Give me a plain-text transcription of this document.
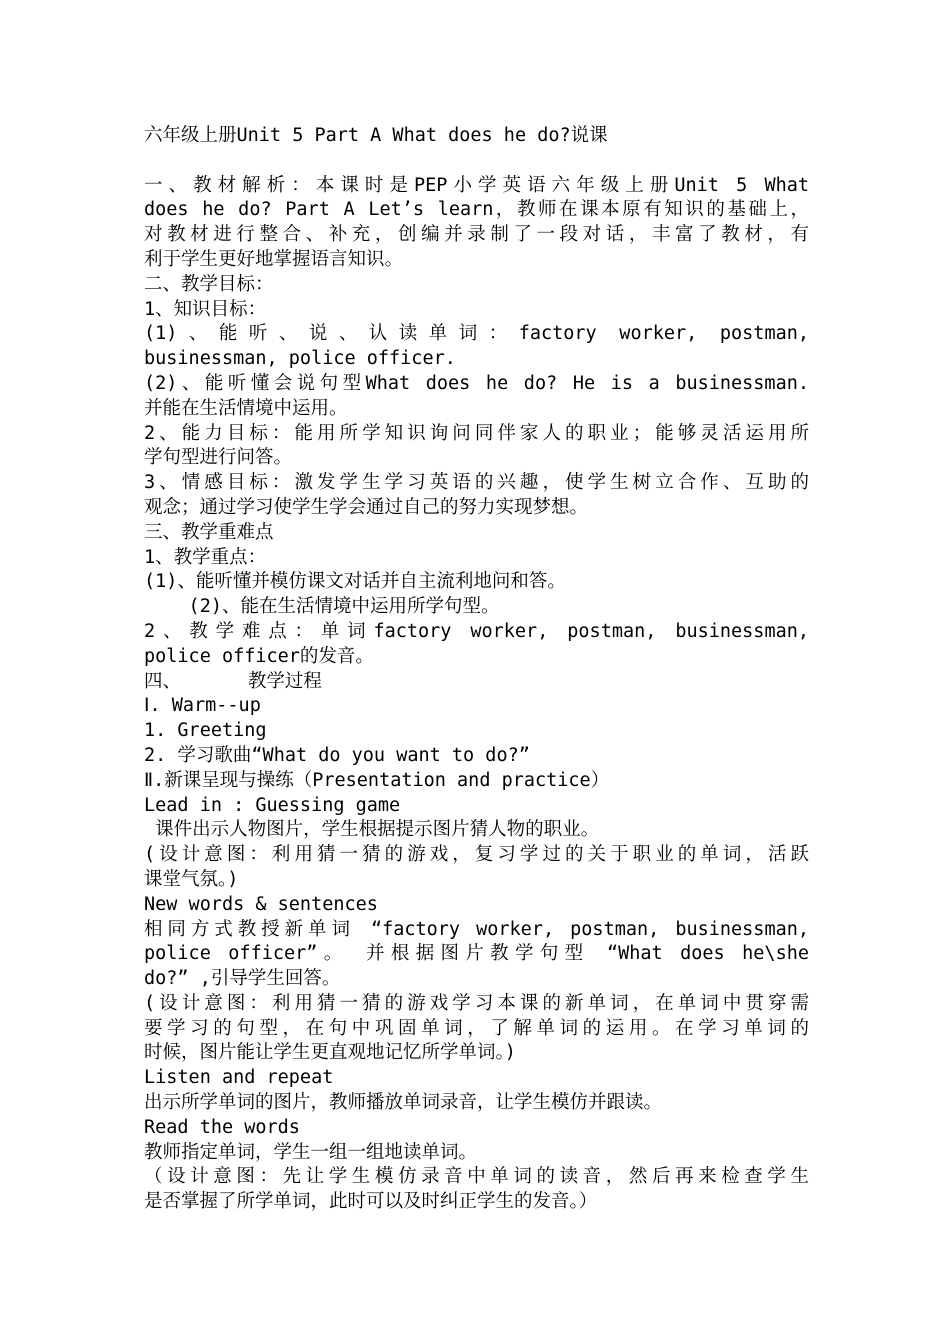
六年级上册Unit 5 Part A What does he do?说课
一、教材解析：本课时是PEP小学英语六年级上册Unit 5 What
does he do? Part A Let’s learn，教师在课本原有知识的基础上，
对教材进行整合、补充，创编并录制了一段对话，丰富了教材，有
利于学生更好地掌握语言知识。
二、教学目标：
1、知识目标：
(1)、能听、说、认读单词：factory worker, postman,
businessman, police officer.
(2)、能听懂会说句型What does he do? He is a businessman.
并能在生活情境中运用。
2、能力目标：能用所学知识询问同伴家人的职业；能够灵活运用所
学句型进行问答。
3、情感目标：激发学生学习英语的兴趣，使学生树立合作、互助的
观念；通过学习使学生学会通过自己的努力实现梦想。
三、教学重难点
1、教学重点：
(1)、能听懂并模仿课文对话并自主流利地问和答。
(2)、能在生活情境中运用所学句型。
2、教学难点：单词factory worker, postman, businessman,
police officer的发音。
四、      教学过程
Ⅰ. Warm--up
1. Greeting
2. 学习歌曲“What do you want to do?”
Ⅱ.新课呈现与操练（Presentation and practice）
Lead in : Guessing game
课件出示人物图片，学生根据提示图片猜人物的职业。
(设计意图：利用猜一猜的游戏，复习学过的关于职业的单词，活跃
课堂气氛。)
New words & sentences
相同方式教授新单词 “factory worker, postman, businessman,
police officer”。 并根据图片教学句型 “What does he\she
do?” ,引导学生回答。
(设计意图：利用猜一猜的游戏学习本课的新单词，在单词中贯穿需
要学习的句型，在句中巩固单词，了解单词的运用。在学习单词的
时候，图片能让学生更直观地记忆所学单词。)
Listen and repeat
出示所学单词的图片，教师播放单词录音，让学生模仿并跟读。
Read the words
教师指定单词，学生一组一组地读单词。
（设计意图：先让学生模仿录音中单词的读音，然后再来检查学生
是否掌握了所学单词，此时可以及时纠正学生的发音。）
